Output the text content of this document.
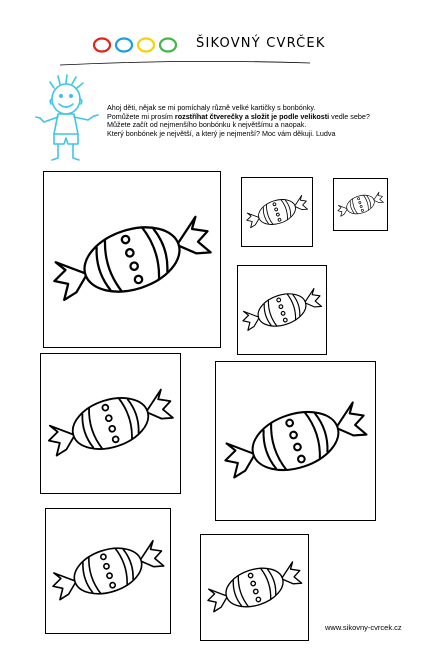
ŠIKOVNÝ CVRČEK

Ahoj děti, nějak se mi pomíchaly různě velké kartičky s bonbónky.

Pomůžete mi prosím rozstříhat čtverečky a složit je podle velikosti vedle sebe?

Můžete začít od nejmenšího bonbónku k největšímu a naopak.

Který bonbónek je největší, a který je nejmenší? Moc vám děkuji. Ludva

www.sikovny-cvrcek.cz
